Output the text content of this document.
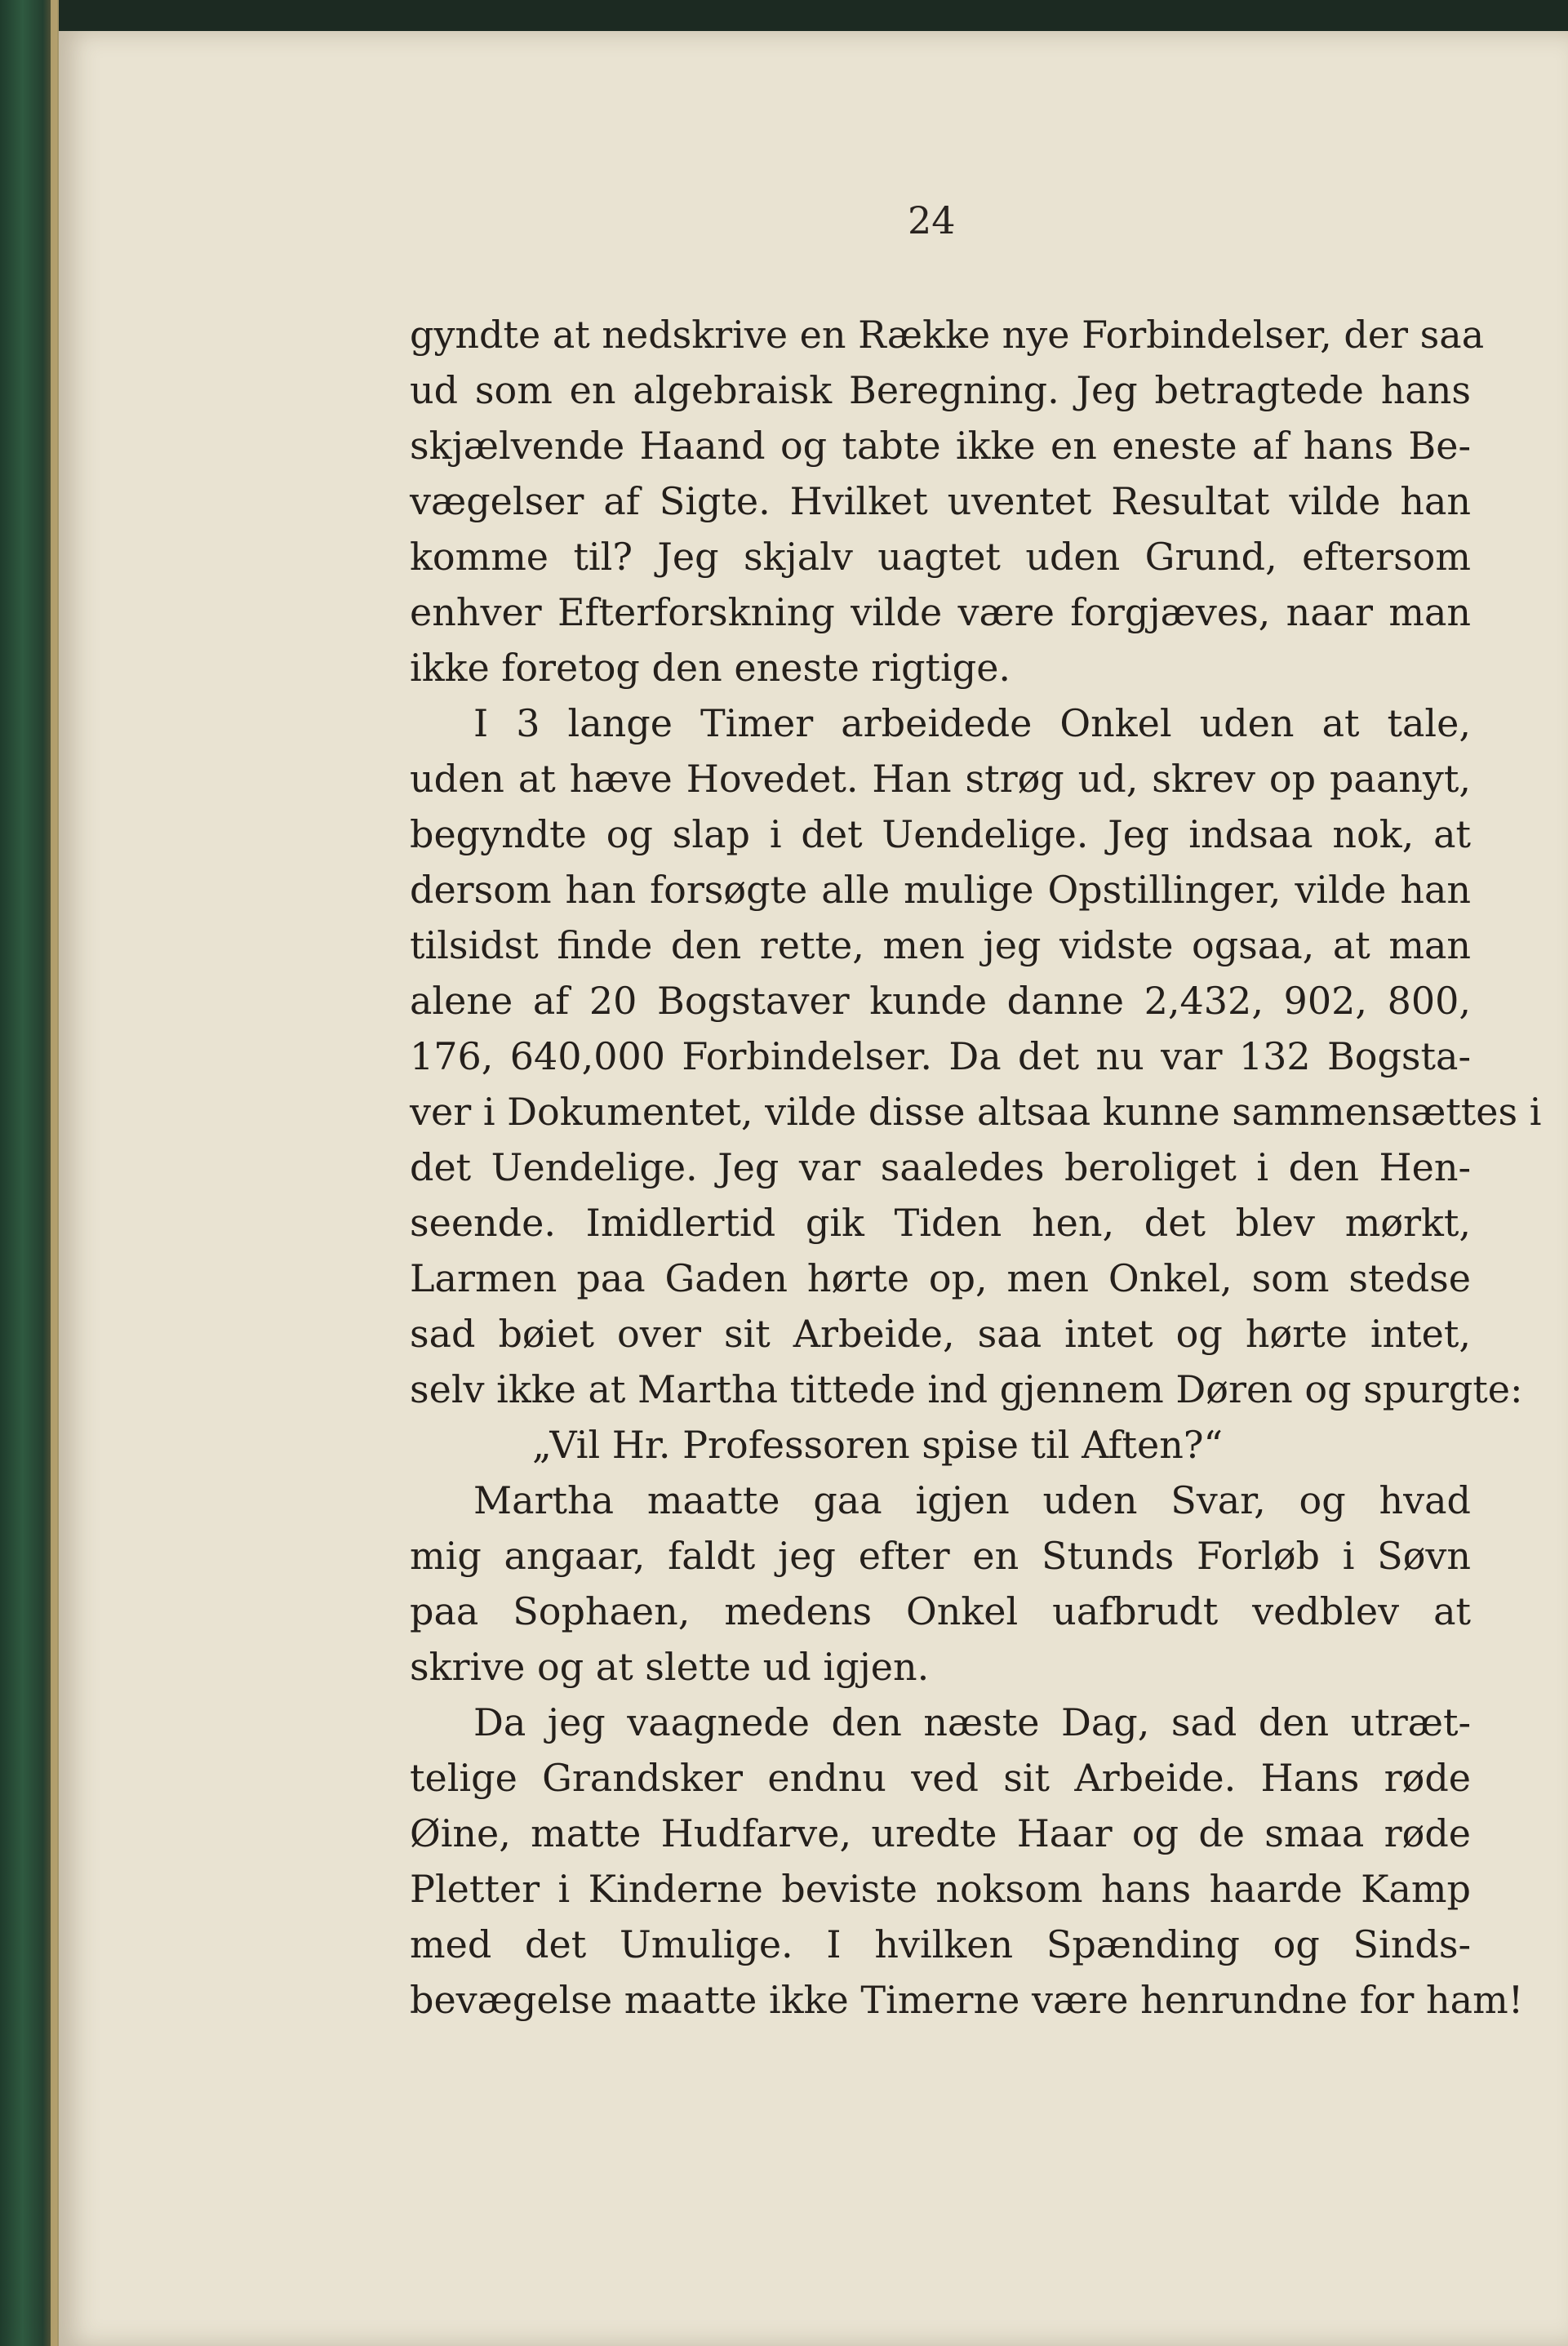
24
gyndte at nedskrive en Række nye Forbindelser, der saa
ud som en algebraisk Beregning. Jeg betragtede hans
skjælvende Haand og tabte ikke en eneste af hans Be-
vægelser af Sigte. Hvilket uventet Resultat vilde han
komme til? Jeg skjalv uagtet uden Grund, eftersom
enhver Efterforskning vilde være forgjæves, naar man
ikke foretog den eneste rigtige.
I 3 lange Timer arbeidede Onkel uden at tale,
uden at hæve Hovedet. Han strøg ud, skrev op paanyt,
begyndte og slap i det Uendelige. Jeg indsaa nok, at
dersom han forsøgte alle mulige Opstillinger, vilde han
tilsidst finde den rette, men jeg vidste ogsaa, at man
alene af 20 Bogstaver kunde danne 2,432, 902, 800,
176, 640,000 Forbindelser. Da det nu var 132 Bogsta-
ver i Dokumentet, vilde disse altsaa kunne sammensættes i
det Uendelige. Jeg var saaledes beroliget i den Hen-
seende. Imidlertid gik Tiden hen, det blev mørkt,
Larmen paa Gaden hørte op, men Onkel, som stedse
sad bøiet over sit Arbeide, saa intet og hørte intet,
selv ikke at Martha tittede ind gjennem Døren og spurgte:
„Vil Hr. Professoren spise til Aften?“
Martha maatte gaa igjen uden Svar, og hvad
mig angaar, faldt jeg efter en Stunds Forløb i Søvn
paa Sophaen, medens Onkel uafbrudt vedblev at
skrive og at slette ud igjen.
Da jeg vaagnede den næste Dag, sad den utræt-
telige Grandsker endnu ved sit Arbeide. Hans røde
Øine, matte Hudfarve, uredte Haar og de smaa røde
Pletter i Kinderne beviste noksom hans haarde Kamp
med det Umulige. I hvilken Spænding og Sinds-
bevægelse maatte ikke Timerne være henrundne for ham!
